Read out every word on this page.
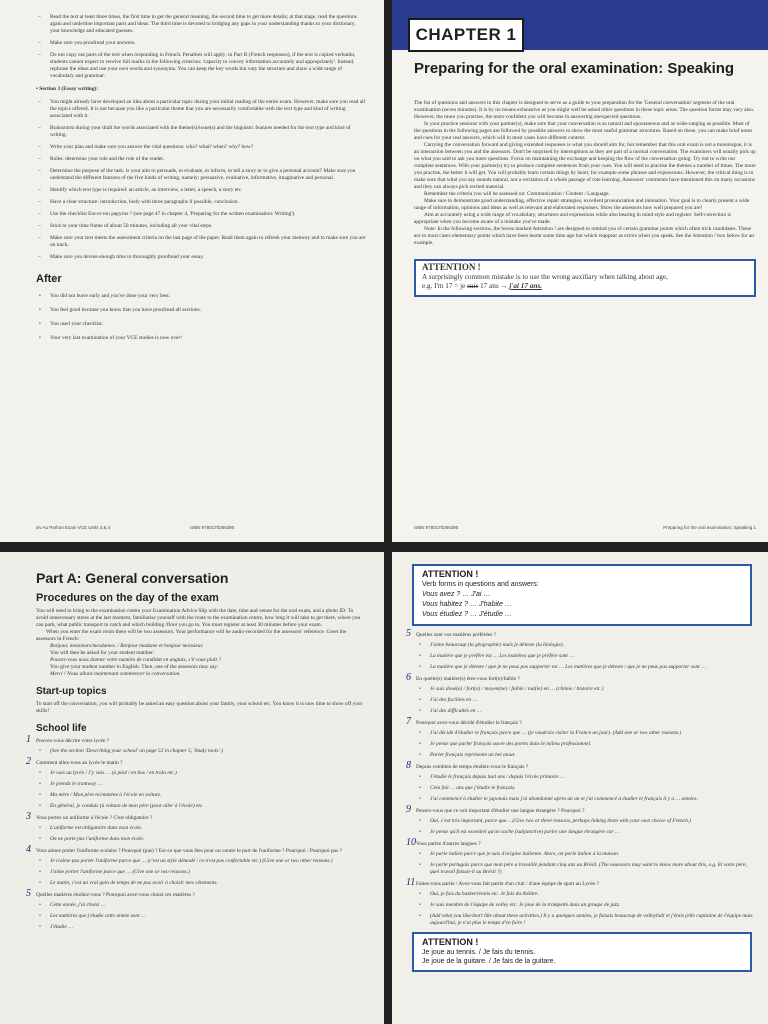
– Read the text at least three times, the first time to get the general meaning, the second time to get more details; at that stage, read the questions again and underline important parts and ideas. The third time is devoted to bridging any gaps in your understanding thanks to your dictionary, your knowledge and educated guesses.
– Make sure you proofread your answers.
– Do not copy out parts of the text when responding in French. Penalties will apply: in Part B (French responses), if the text is copied verbatim, students cannot expect to receive full marks in the following criterion: 'capacity to convey information accurately and appropriately'. Instead, rephrase the ideas and use your own words and synonyms. You can keep the key words but vary the structure and show a wide range of vocabulary and grammar.
• Section 3 (Essay writing):
– You might already have developed an idea about a particular topic during your initial reading of the entire exam. However, make sure you read all the topics offered. It is not because you like a particular theme that you are necessarily comfortable with the text type and kind of writing associated with it.
– Brainstorm during your draft the words associated with the theme(s)/issue(s) and the linguistic features needed for the text type and kind of writing.
– Write your plan and make sure you answer the vital questions: who? what? when? why? how?
– Roles: determine your role and the role of the reader.
– Determine the purpose of the task: is your aim to persuade, to evaluate, to inform, to tell a story or to give a personal account? Make sure you understand the different features of the five kinds of writing, namely: persuasive, evaluative, informative, imaginative and personal.
– Identify which text type is required: an article, an interview, a letter, a speech, a story etc.
– Have a clear structure: introduction, body with three paragraphs if possible, conclusion.
– Use the checklist Est-ce ton papyrus ? (see page 47 in chapter 4, 'Preparing for the written examination: Writing').
– Stick to your time frame of about 50 minutes, including all your vital steps.
– Make sure your text meets the assessment criteria on the last page of the paper. Read them again to refresh your memory and to make sure you are on track.
– Make sure you devote enough time to thoroughly proofread your essay.
After
• You did not leave early and you've done your very best.
• You feel good because you know that you have proofread all sections.
• You used your checklist.
• Your very last examination of your VCE studies is now over!
xiv Au Parfum Exam VCE Units 3 & 4	ISBN 9780170266390
CHAPTER 1
Preparing for the oral examination: Speaking

The list of questions and answers in this chapter is designed to serve as a guide to your preparation for the 'General conversation' segment of the oral examination (seven minutes). It is by no means exhaustive as you might well be asked other questions in these topic areas. The question forms may vary also. However, the more you practise, the more confident you will become in answering unexpected questions.

In your practice sessions with your partner(s), make sure that your conversation is as natural and spontaneous and as wide-ranging as possible. Most of the questions in the following pages are followed by possible answers to show the most useful grammar structures. Based on these, you can make brief notes and cues for your real answers, which will in most cases have different content.

Carrying the conversation forward and giving extended responses is what you should aim for, but remember that this oral exam is not a monologue, it is an interaction between you and the assessors. Don't be surprised by interruptions as they are part of a normal conversation. The examiners will usually pick up on what you said to ask you more questions. Focus on maintaining the exchange and keeping the flow of the conversation going. Try not to write out complete sentences. With your partner(s) try to produce complete sentences from your cues. You will need to practise the themes a number of times. The more you practise, the better it will get. You will probably learn certain things by heart, for example some phrases and expressions. However, the critical thing is to make sure that what you say sounds natural, not a recitation of a whole passage of rote learning. Assessors' comments have mentioned this on many occasions and they can always pick recited material.

Remember the criteria you will be assessed on: Communication / Content / Language.

Make sure to demonstrate good understanding, effective repair strategies, excellent pronunciation and intonation. Your goal is to clearly present a wide range of information, opinions and ideas as well as relevant and elaborated responses. Show the assessors how well prepared you are!

Aim at accurately using a wide range of vocabulary, structures and expressions while also bearing in mind style and register. Self-correction is appropriate when you become aware of a mistake you've made.

Note: In the following sections, the boxes marked Attention ! are designed to remind you of certain grammar points which often trick candidates. These are in most cases elementary points which have been learnt some time ago but which reappear as errors when you speak. See the Attention ! box below for an example.

ATTENTION !
A surprisingly common mistake is to use the wrong auxiliary when talking about age,
e.g. I'm 17 = je suis 17 ans → j'ai 17 ans.
ISBN 9780170266390	Preparing for the oral examination: Speaking 1
Part A: General conversation
Procedures on the day of the exam
You will need to bring to the examination centre your Examination Advice Slip with the date, time and venue for the oral exam, and a photo ID. To avoid unnecessary stress at the last moment, familiarise yourself with the route to the examination centre, how long it will take to get there, where you can park, what public transport to catch and which building /floor you go to. You must register at least 30 minutes before your exam.
When you enter the exam room there will be two assessors. Your performance will be audio-recorded for the assessors' reference. Greet the assessors in French:
Bonjour, messieurs/mesdames. / Bonjour madame et bonjour monsieur.
You will then be asked for your student number:
Pouvez-vous nous donner votre numéro de candidat en anglais, s'il vous plaît ?
You give your student number in English. Then, one of the assessors may say:
Merci ! Nous allons maintenant commencer la conversation.
Start-up topics
To start off the conversation, you will probably be asked an easy question about your family, your school etc. You know it is now time to show off your skills!
School life
1 Pouvez-vous décrire votre lycée ?
• (See the section 'Describing your school' on page 53 in chapter 5, 'Study tools'.)
2 Comment allez-vous au lycée le matin ?
• Je vais au lycée / J'y vais … (à pied / en bus / en train etc.)
• Je prends le tramway …
• Ma mère / Mon père m'emmène à l'école en voiture.
• En général, je conduis (à voiture de mon père (pour aller à l'école) etc.
3 Vous portez un uniforme à l'école ? C'est obligatoire ?
• L'uniforme est obligatoire dans mon école.
• On ne porte pas l'uniforme dans mon école.
4 Vous aimez porter l'uniforme scolaire ? Pourquoi (pas) ? Est-ce que vous êtes pour ou contre le port de l'uniforme ? Pourquoi / Pourquoi pas ?
• Je n'aime pas porter l'uniforme parce que … (c'est un style démodé / ce n'est pas confortable etc.) (Give one or two other reasons.)
• J'aime porter l'uniforme parce que … (Give one or two reasons.)
• Le matin, c'est un vrai gain de temps de ne pas avoir à choisir mes vêtements.
5 Quelles matières étudiez-vous ? Pourquoi avez-vous choisi ces matières ?
• Cette année, j'ai choisi …
• Les matières que j'étudie cette année sont …
• J'étudie …
ATTENTION !
Verb forms in questions and answers:
Vous avez ? … J'ai …
Vous habitez ? … J'habite …
Vous étudiez ? … J'étudie …
5 Quelles sont vos matières préférées ?
• J'aime beaucoup (la géographie) mais je déteste (la biologie).
• La matière que je préfère est … Les matières que je préfère sont …
• La matière que je déteste / que je ne peux pas supporter est … Les matières que je déteste / que je ne peux pas supporter sont …
6 En quelle(s) matière(s) êtes-vous fort(e)/faible ?
• Je suis doué(e) / fort(e) / moyen(ne) / faible / nul(le) en … (chimie / histoire etc.)
• J'ai des facilités en …
• J'ai des difficultés en …
7 Pourquoi avez-vous décidé d'étudier le français ?
• J'ai décidé d'étudier le français parce que … (je voudrais visiter la France un jour). (Add one or two other reasons.)
• Je pense que parler français ouvre des portes dans le milieu professionnel.
• Parler français représente un bel atout.
8 Depuis combien de temps étudiez-vous le français ?
• J'étudie le français depuis huit ans / depuis l'école primaire …
• Cela fait … ans que j'étudie le français.
• J'ai commencé à étudier le japonais mais j'ai abandonné après un an et j'ai commencé à étudier le français il y a … années.
9 Pensez-vous que ce soit important d'étudier une langue étrangère ? Pourquoi ?
• Oui, c'est très important, parce que… (Give two or three reasons, perhaps linking them with your own choice of French.)
• Je pense qu'il est essentiel qu'on sache (subjunctive) parler une langue étrangère car …
10 Vous parlez d'autres langues ?
• Je parle italien parce que je suis d'origine italienne. Alors, on parle italien à la maison.
• Je parle portugais parce que mon père a travaillé pendant cinq ans au Brésil. (The assessors may want to know more about this, e.g. Et votre père, quel travail faisait-il au Brésil ?)
11 Faites-vous partie / Avez-vous fait partie d'un club / d'une équipe de sport au Lycée ?
• Oui, je fais du basket/tennis etc. Je fais du théâtre.
• Je suis membre de l'équipe de volley etc. Je joue de la trompette dans un groupe de jazz.
• (Add what you like/don't like about these activities.) Il y a quelques années, je faisais beaucoup de volleyball et j'étais (elle capitaine de l'équipe mais aujourd'hui, je n'ai plus le temps d'en faire !
ATTENTION !
Je joue au tennis. / Je fais du tennis.
Je joue de la guitare. / Je fais de la guitare.
